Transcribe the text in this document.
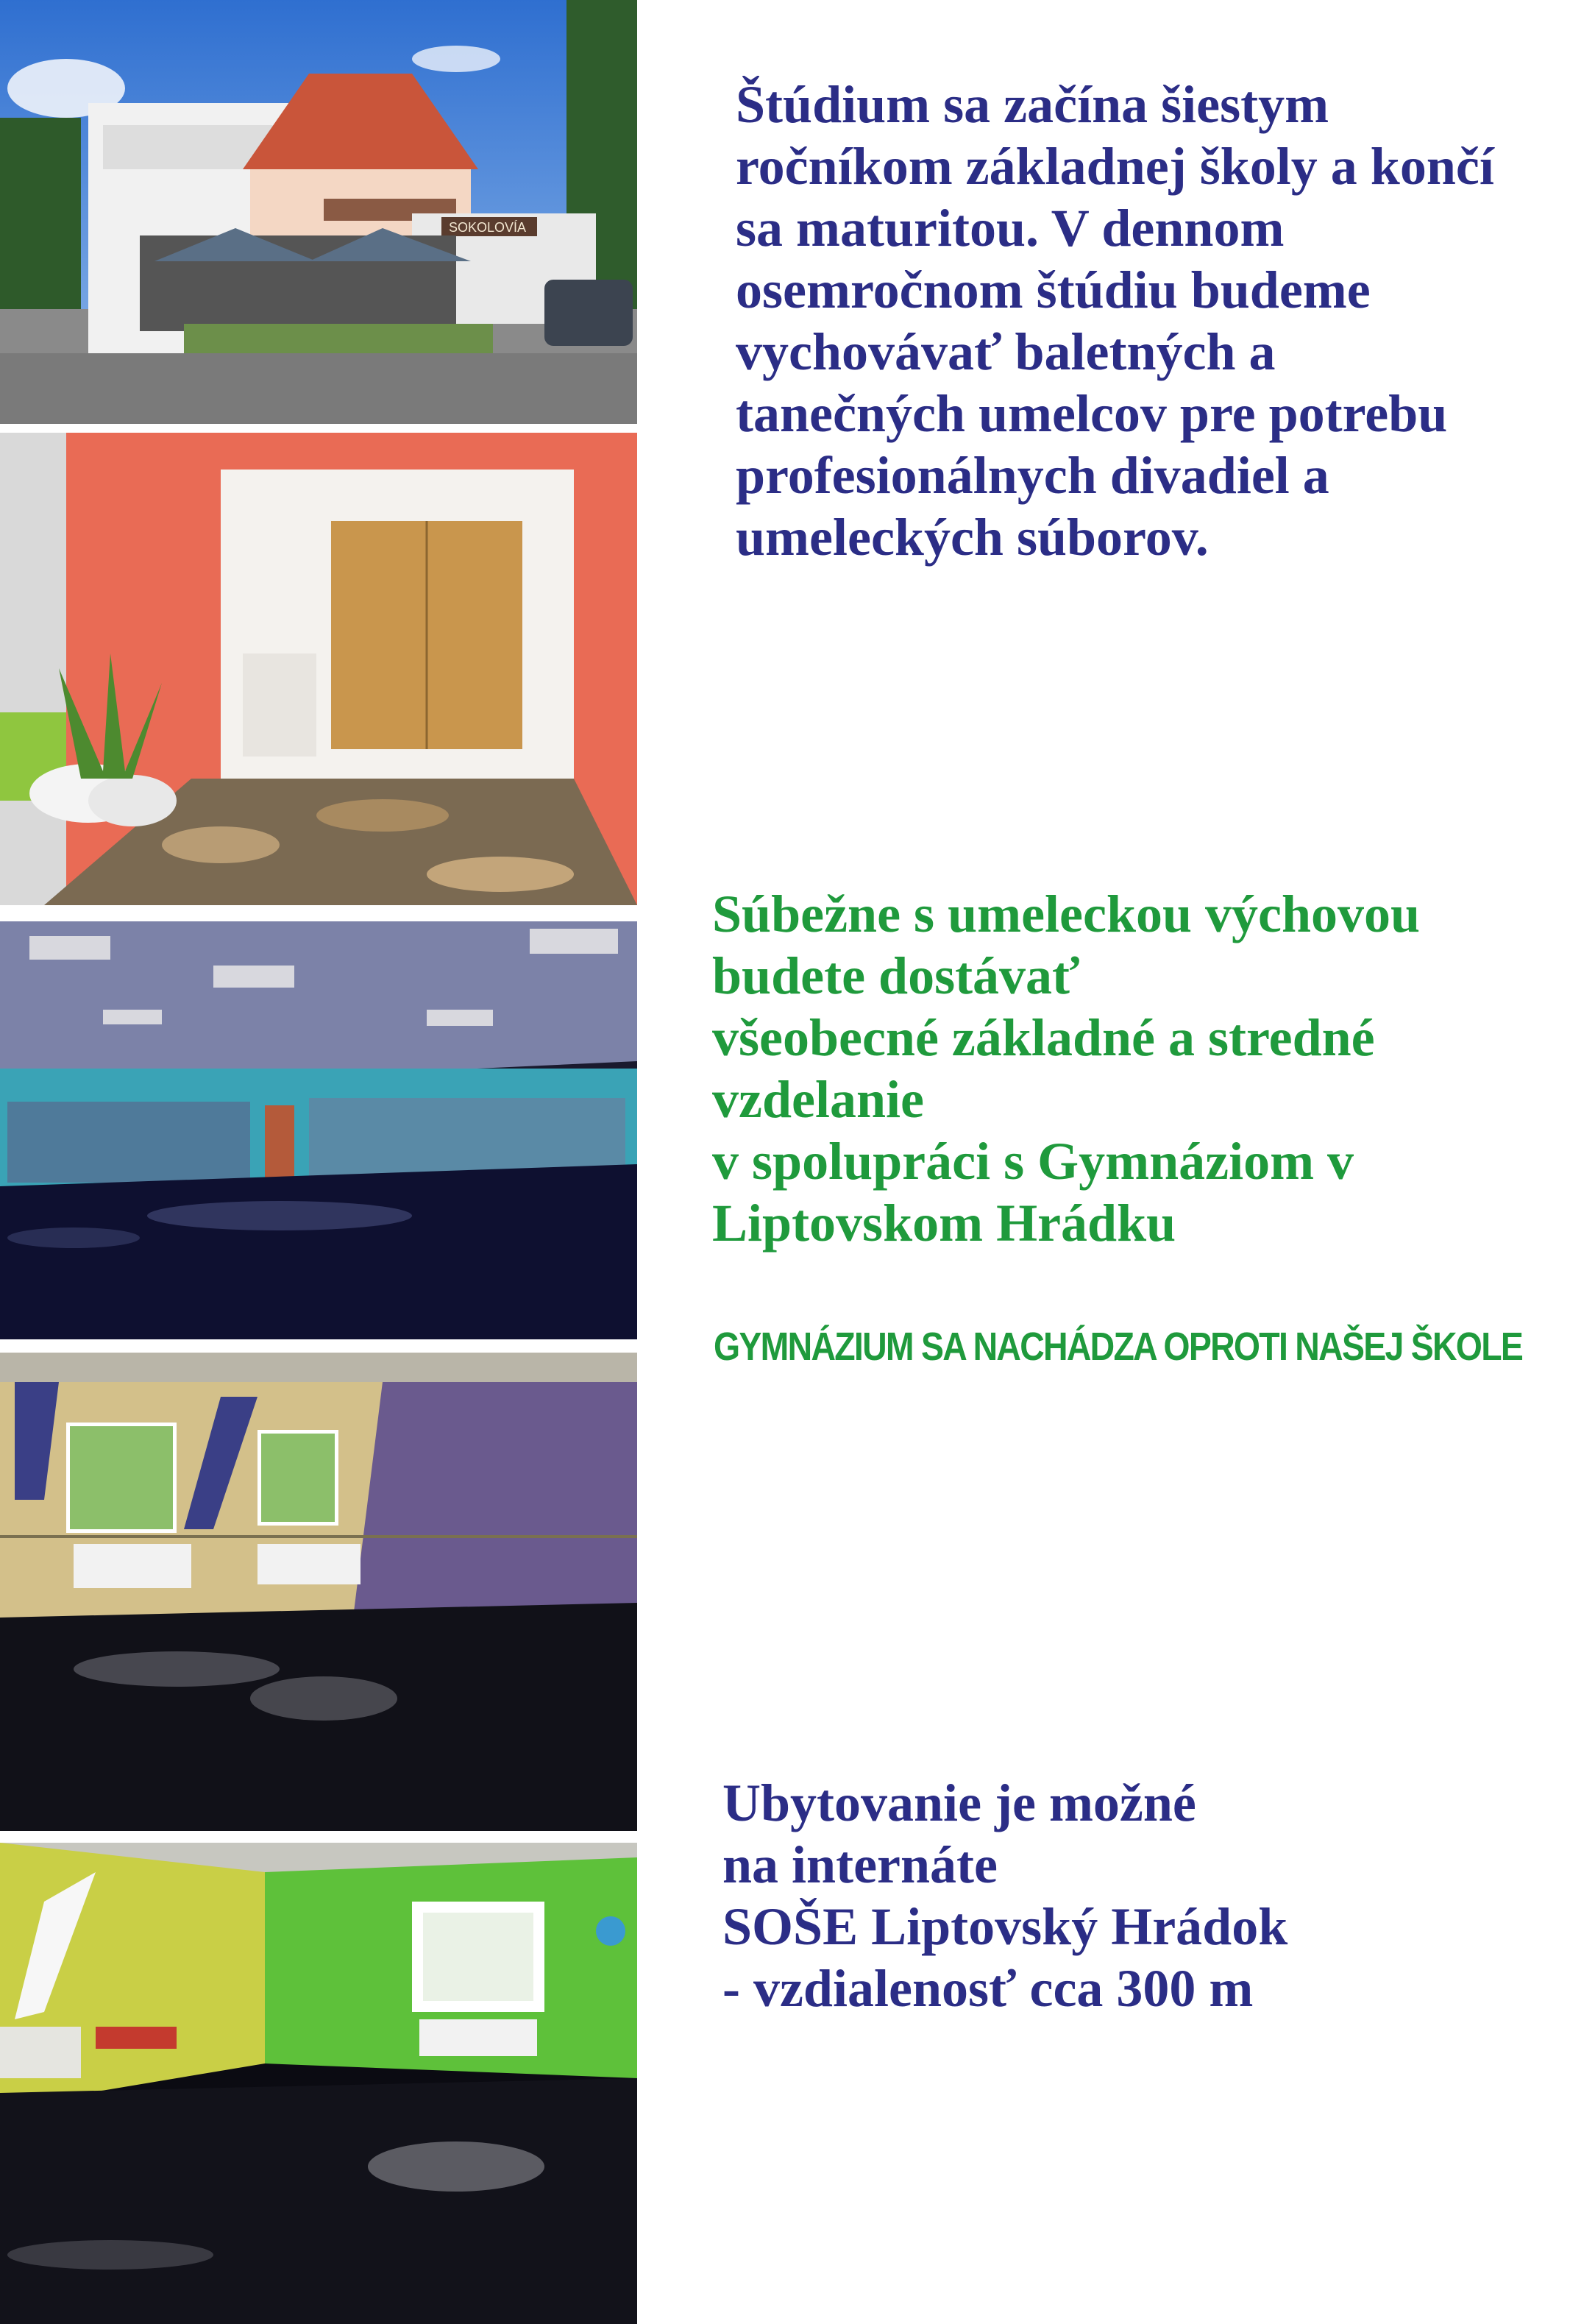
SOKOLOVÍA
Štúdium sa začína šiestym
ročníkom základnej školy a končí
sa maturitou. V dennom
osemročnom štúdiu budeme
vychovávať baletných a
tanečných umelcov pre potrebu
profesionálnych divadiel a
umeleckých súborov.
Súbežne s umeleckou výchovou
budete dostávať
všeobecné základné a stredné
vzdelanie
v spolupráci s Gymnáziom v
Liptovskom Hrádku
GYMNÁZIUM SA NACHÁDZA OPROTI NAŠEJ ŠKOLE
Ubytovanie je možné
na internáte
SOŠE Liptovský Hrádok
- vzdialenosť cca 300 m
